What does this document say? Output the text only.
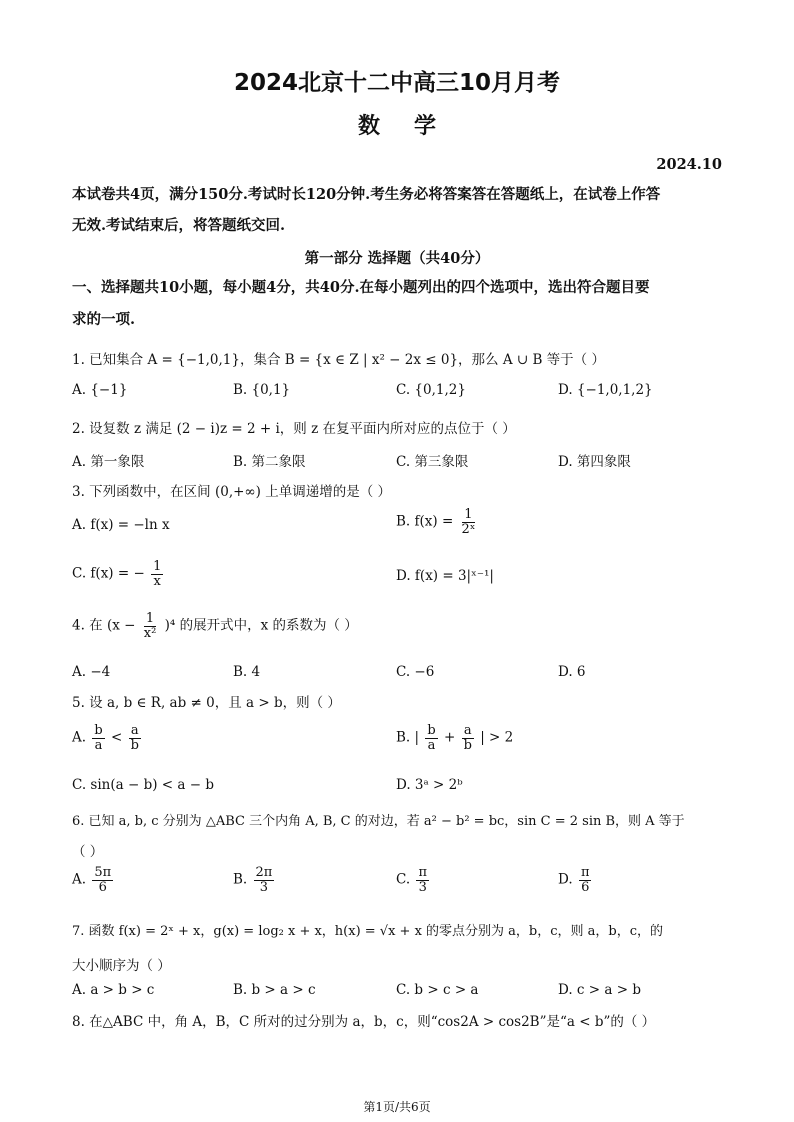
2024北京十二中高三10月月考
数学
2024.10
本试卷共4页，满分150分.考试时长120分钟.考生务必将答案答在答题纸上，在试卷上作答
无效.考试结束后，将答题纸交回.
第一部分 选择题（共40分）
一、选择题共10小题，每小题4分，共40分.在每小题列出的四个选项中，选出符合题目要
求的一项.
1. 已知集合 A = {−1,0,1}，集合 B = {x ∈ Z | x² − 2x ≤ 0}，那么 A ∪ B 等于（ ）
A. {−1}	B. {0,1}	C. {0,1,2}	D. {−1,0,1,2}
2. 设复数 z 满足 (2 − i)z = 2 + i，则 z 在复平面内所对应的点位于（ ）
A. 第一象限	B. 第二象限	C. 第三象限	D. 第四象限
3. 下列函数中，在区间 (0,+∞) 上单调递增的是（ ）
A. f(x) = −ln x	B. $f(x) = \frac{1}{\text{2ˣ}}$
C. f(x) = − $\frac{1}{x}$	D. f(x) = 3|ˣ⁻¹|
4. 在 $(x - \frac{1}{\text{x²}} )^4$ 的展开式中，x 的系数为（ ）
A. −4	B. 4	C. −6	D. 6
5. 设 a, b ∈ R, ab ≠ 0，且 a > b，则（ ）
A. $\frac{b}{a} < \frac{a}{b}$	B. | $\frac{b}{a} + \frac{a}{b}$ | > 2
C. sin(a − b) < a − b	D. 3ᵃ > 2ᵇ
6. 已知 a, b, c 分别为 △ABC 三个内角 A, B, C 的对边，若 a² − b² = bc，sin C = 2 sin B，则 A 等于
（ ）
A. $\frac{5\pi}{6}$	B. $\frac{2\pi}{3}$	C. $\frac{\pi}{3}$	D. $\frac{\pi}{6}$
7. 函数 f(x) = 2ˣ + x，g(x) = log₂ x + x，h(x) = √x + x 的零点分别为 a，b，c，则 a，b，c，的
大小顺序为（ ）
A. a > b > c	B. b > a > c	C. b > c > a	D. c > a > b
8. 在△ABC 中，角 A，B，C 所对的过分别为 a，b，c，则“cos2A > cos2B”是“a < b”的（ ）
第1页/共6页
